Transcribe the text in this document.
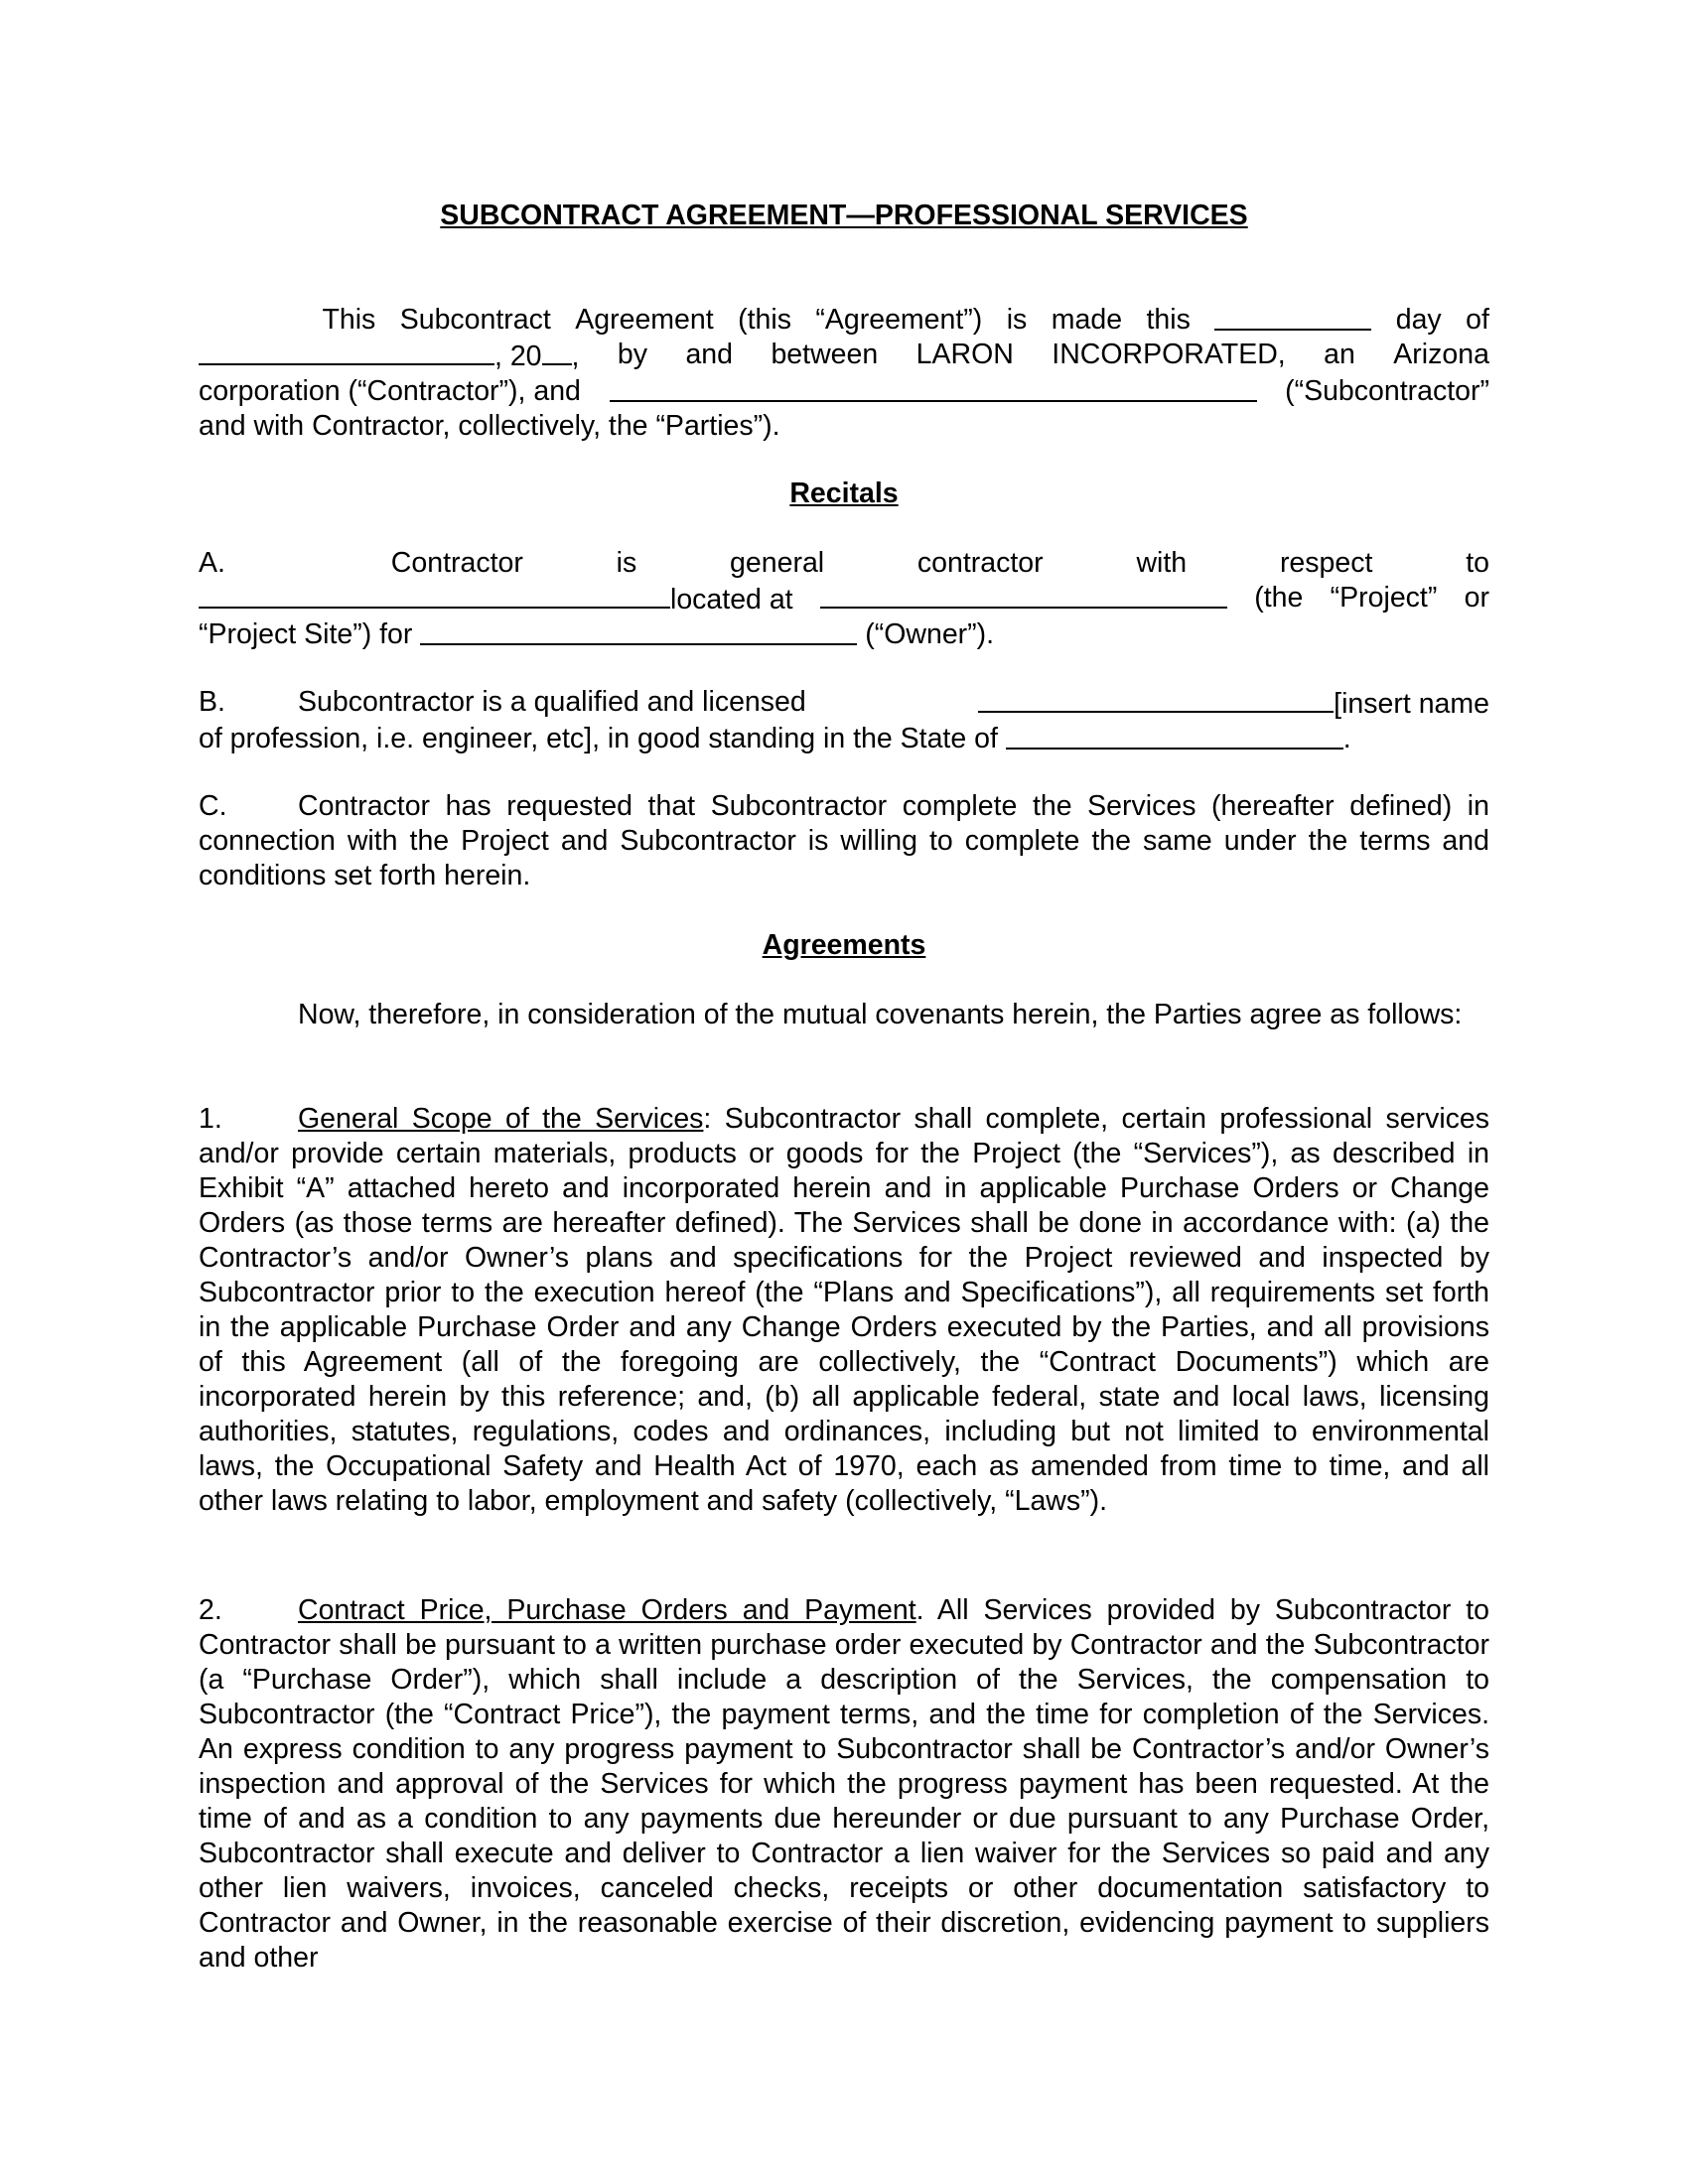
SUBCONTRACT AGREEMENT—PROFESSIONAL SERVICES
This Subcontract Agreement (this “Agreement”) is made this	day of
, 20 , by and between LARON INCORPORATED, an Arizona
corporation (“Contractor”), and	(“Subcontractor”
and with Contractor, collectively, the “Parties”).
Recitals
A.	Contractor	is	general	contractor	with	respect	to
located at	(the “Project” or
“Project Site”) for

	(“Owner”).
B.	Subcontractor is a qualified and licensed	[insert name
of profession, i.e. engineer, etc], in good standing in the State of
	.
C.	Contractor has requested that Subcontractor complete the Services (hereafter defined) in connection with the Project and Subcontractor is willing to complete the same under the terms and conditions set forth herein.
Agreements
Now, therefore, in consideration of the mutual covenants herein, the Parties agree as follows:
1.	General Scope of the Services: Subcontractor shall complete, certain professional services and/or provide certain materials, products or goods for the Project (the “Services”), as described in Exhibit “A” attached hereto and incorporated herein and in applicable Purchase Orders or Change Orders (as those terms are hereafter defined). The Services shall be done in accordance with: (a) the Contractor’s and/or Owner’s plans and specifications for the Project reviewed and inspected by Subcontractor prior to the execution hereof (the “Plans and Specifications”), all requirements set forth in the applicable Purchase Order and any Change Orders executed by the Parties, and all provisions of this Agreement (all of the foregoing are collectively, the “Contract Documents”) which are incorporated herein by this reference; and, (b) all applicable federal, state and local laws, licensing authorities, statutes, regulations, codes and ordinances, including but not limited to environmental laws, the Occupational Safety and Health Act of 1970, each as amended from time to time, and all other laws relating to labor, employment and safety (collectively, “Laws”).
2.	Contract Price, Purchase Orders and Payment. All Services provided by Subcontractor to Contractor shall be pursuant to a written purchase order executed by Contractor and the Subcontractor (a “Purchase Order”), which shall include a description of the Services, the compensation to Subcontractor (the “Contract Price”), the payment terms, and the time for completion of the Services. An express condition to any progress payment to Subcontractor shall be Contractor’s and/or Owner’s inspection and approval of the Services for which the progress payment has been requested. At the time of and as a condition to any payments due hereunder or due pursuant to any Purchase Order, Subcontractor shall execute and deliver to Contractor a lien waiver for the Services so paid and any other lien waivers, invoices, canceled checks, receipts or other documentation satisfactory to Contractor and Owner, in the reasonable exercise of their discretion, evidencing payment to suppliers and other
